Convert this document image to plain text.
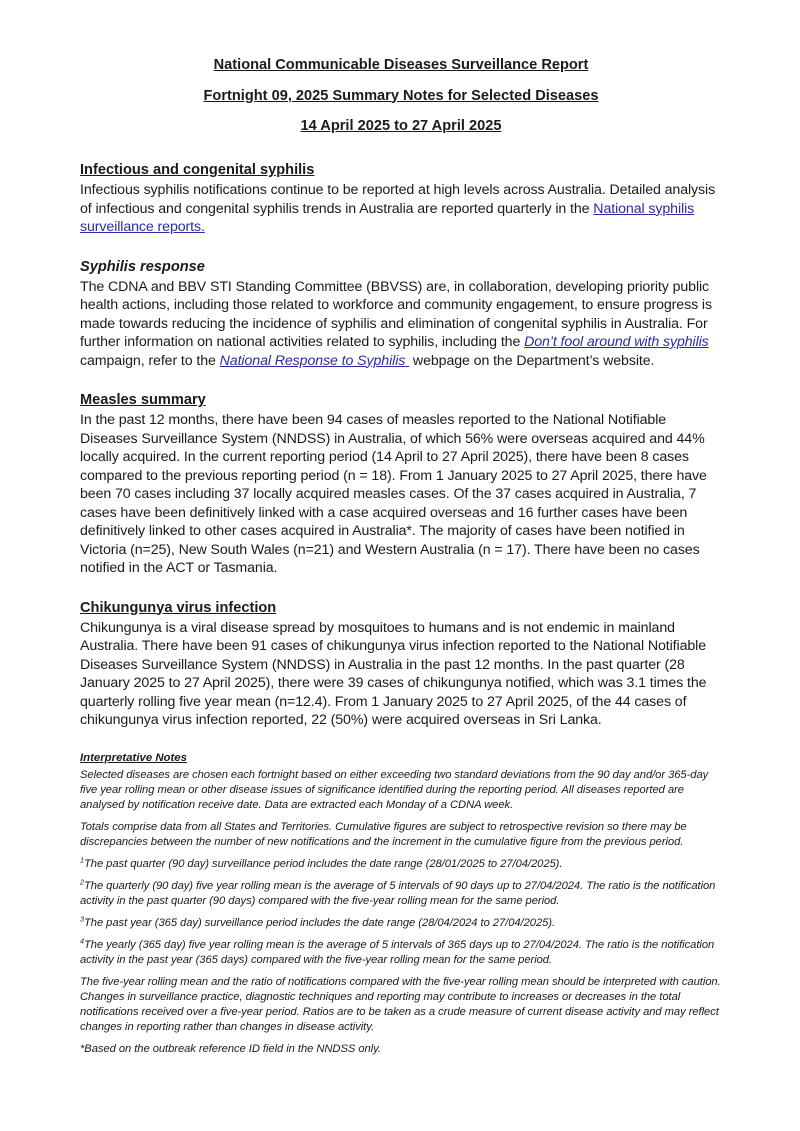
National Communicable Diseases Surveillance Report
Fortnight 09, 2025 Summary Notes for Selected Diseases
14 April 2025 to 27 April 2025
Infectious and congenital syphilis

Infectious syphilis notifications continue to be reported at high levels across Australia. Detailed analysis of infectious and congenital syphilis trends in Australia are reported quarterly in the National syphilis surveillance reports.

Syphilis response

The CDNA and BBV STI Standing Committee (BBVSS) are, in collaboration, developing priority public health actions, including those related to workforce and community engagement, to ensure progress is made towards reducing the incidence of syphilis and elimination of congenital syphilis in Australia. For further information on national activities related to syphilis, including the Don’t fool around with syphilis campaign, refer to the National Response to Syphilis  webpage on the Department’s website.

Measles summary

In the past 12 months, there have been 94 cases of measles reported to the National Notifiable Diseases Surveillance System (NNDSS) in Australia, of which 56% were overseas acquired and 44% locally acquired. In the current reporting period (14 April to 27 April 2025), there have been 8 cases compared to the previous reporting period (n = 18). From 1 January 2025 to 27 April 2025, there have been 70 cases including 37 locally acquired measles cases. Of the 37 cases acquired in Australia, 7 cases have been definitively linked with a case acquired overseas and 16 further cases have been definitively linked to other cases acquired in Australia*. The majority of cases have been notified in Victoria (n=25), New South Wales (n=21) and Western Australia (n = 17). There have been no cases notified in the ACT or Tasmania.

Chikungunya virus infection

Chikungunya is a viral disease spread by mosquitoes to humans and is not endemic in mainland Australia. There have been 91 cases of chikungunya virus infection reported to the National Notifiable Diseases Surveillance System (NNDSS) in Australia in the past 12 months. In the past quarter (28 January 2025 to 27 April 2025), there were 39 cases of chikungunya notified, which was 3.1 times the quarterly rolling five year mean (n=12.4). From 1 January 2025 to 27 April 2025, of the 44 cases of chikungunya virus infection reported, 22 (50%) were acquired overseas in Sri Lanka.

Interpretative Notes

Selected diseases are chosen each fortnight based on either exceeding two standard deviations from the 90 day and/or 365-day five year rolling mean or other disease issues of significance identified during the reporting period. All diseases reported are analysed by notification receive date. Data are extracted each Monday of a CDNA week.

Totals comprise data from all States and Territories. Cumulative figures are subject to retrospective revision so there may be discrepancies between the number of new notifications and the increment in the cumulative figure from the previous period.

$^1$The past quarter (90 day) surveillance period includes the date range (28/01/2025 to 27/04/2025).

$^2$The quarterly (90 day) five year rolling mean is the average of 5 intervals of 90 days up to 27/04/2024. The ratio is the notification activity in the past quarter (90 days) compared with the five-year rolling mean for the same period.

$^3$The past year (365 day) surveillance period includes the date range (28/04/2024 to 27/04/2025).

$^4$The yearly (365 day) five year rolling mean is the average of 5 intervals of 365 days up to 27/04/2024. The ratio is the notification activity in the past year (365 days) compared with the five-year rolling mean for the same period.

The five-year rolling mean and the ratio of notifications compared with the five-year rolling mean should be interpreted with caution. Changes in surveillance practice, diagnostic techniques and reporting may contribute to increases or decreases in the total notifications received over a five-year period. Ratios are to be taken as a crude measure of current disease activity and may reflect changes in reporting rather than changes in disease activity.

*Based on the outbreak reference ID field in the NNDSS only.
